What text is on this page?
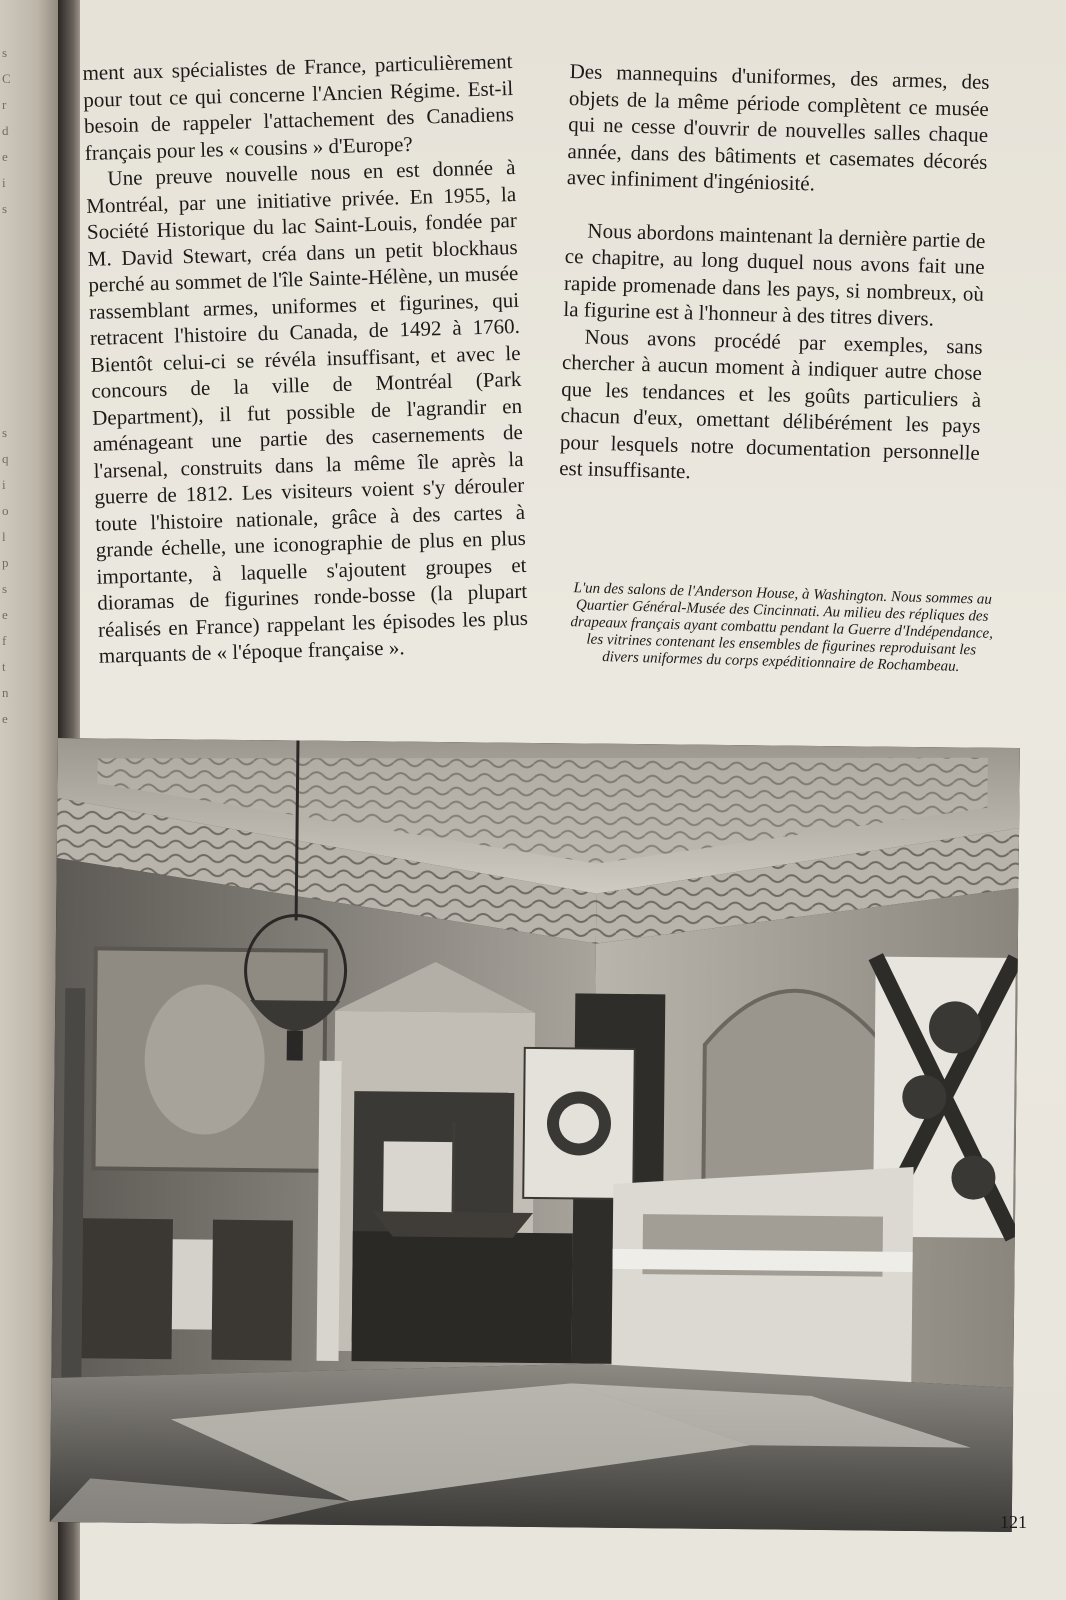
s
C
r
d
e
i
s
s
q
i
o
l
p
s
e
f
t
n
e

ment aux spécialistes de France, particulièrement pour tout ce qui concerne l'Ancien Régime. Est-il besoin de rappeler l'attachement des Canadiens français pour les « cousins » d'Europe?

Une preuve nouvelle nous en est donnée à Montréal, par une initiative privée. En 1955, la Société Historique du lac Saint-Louis, fondée par M. David Stewart, créa dans un petit blockhaus perché au sommet de l'île Sainte-Hélène, un musée rassemblant armes, uniformes et figurines, qui retracent l'histoire du Canada, de 1492 à 1760. Bientôt celui-ci se révéla insuffisant, et avec le concours de la ville de Montréal (Park Department), il fut possible de l'agrandir en aménageant une partie des casernements de l'arsenal, construits dans la même île après la guerre de 1812. Les visiteurs voient s'y dérouler toute l'histoire nationale, grâce à des cartes à grande échelle, une iconographie de plus en plus importante, à laquelle s'ajoutent groupes et dioramas de figurines ronde-bosse (la plupart réalisés en France) rappelant les épisodes les plus marquants de « l'époque française ».

Des mannequins d'uniformes, des armes, des objets de la même période complètent ce musée qui ne cesse d'ouvrir de nouvelles salles chaque année, dans des bâtiments et casemates décorés avec infiniment d'ingéniosité.

Nous abordons maintenant la dernière partie de ce chapitre, au long duquel nous avons fait une rapide promenade dans les pays, si nombreux, où la figurine est à l'honneur à des titres divers.

Nous avons procédé par exemples, sans chercher à aucun moment à indiquer autre chose que les tendances et les goûts particuliers à chacun d'eux, omettant délibérément les pays pour lesquels notre documentation personnelle est insuffisante.

L'un des salons de l'Anderson House, à Washington. Nous sommes au Quartier Général-Musée des Cincinnati. Au milieu des répliques des drapeaux français ayant combattu pendant la Guerre d'Indépendance, les vitrines contenant les ensembles de figurines reproduisant les divers uniformes du corps expéditionnaire de Rochambeau.
121
